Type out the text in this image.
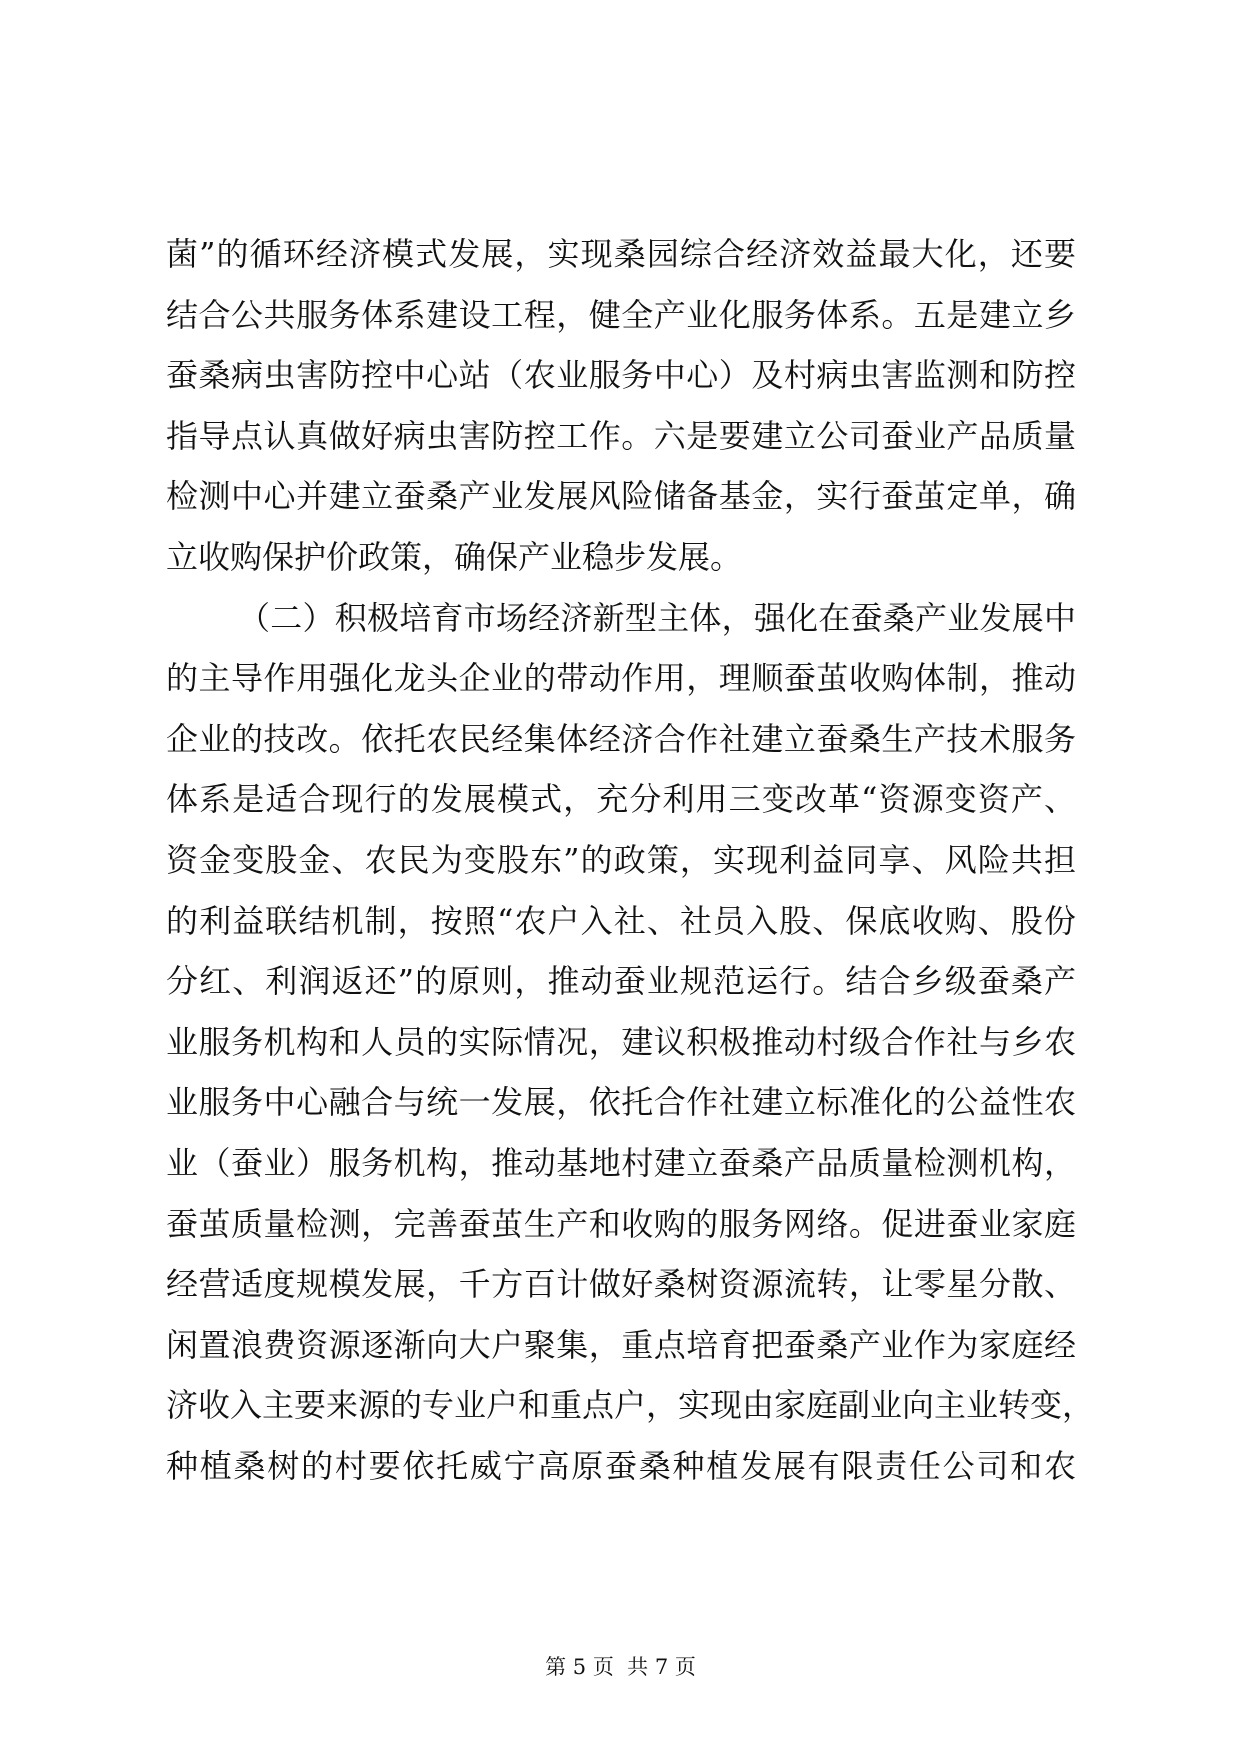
菌”的循环经济模式发展，实现桑园综合经济效益最大化，还要
结合公共服务体系建设工程，健全产业化服务体系。五是建立乡
蚕桑病虫害防控中心站（农业服务中心）及村病虫害监测和防控
指导点认真做好病虫害防控工作。六是要建立公司蚕业产品质量
检测中心并建立蚕桑产业发展风险储备基金，实行蚕茧定单，确
立收购保护价政策，确保产业稳步发展。
（二）积极培育市场经济新型主体，强化在蚕桑产业发展中
的主导作用强化龙头企业的带动作用，理顺蚕茧收购体制，推动
企业的技改。依托农民经集体经济合作社建立蚕桑生产技术服务
体系是适合现行的发展模式，充分利用三变改革“资源变资产、
资金变股金、农民为变股东”的政策，实现利益同享、风险共担
的利益联结机制，按照“农户入社、社员入股、保底收购、股份
分红、利润返还”的原则，推动蚕业规范运行。结合乡级蚕桑产
业服务机构和人员的实际情况，建议积极推动村级合作社与乡农
业服务中心融合与统一发展，依托合作社建立标准化的公益性农
业（蚕业）服务机构，推动基地村建立蚕桑产品质量检测机构，
蚕茧质量检测，完善蚕茧生产和收购的服务网络。促进蚕业家庭
经营适度规模发展，千方百计做好桑树资源流转，让零星分散、
闲置浪费资源逐渐向大户聚集，重点培育把蚕桑产业作为家庭经
济收入主要来源的专业户和重点户，实现由家庭副业向主业转变，
种植桑树的村要依托威宁高原蚕桑种植发展有限责任公司和农
第 5 页  共 7 页
